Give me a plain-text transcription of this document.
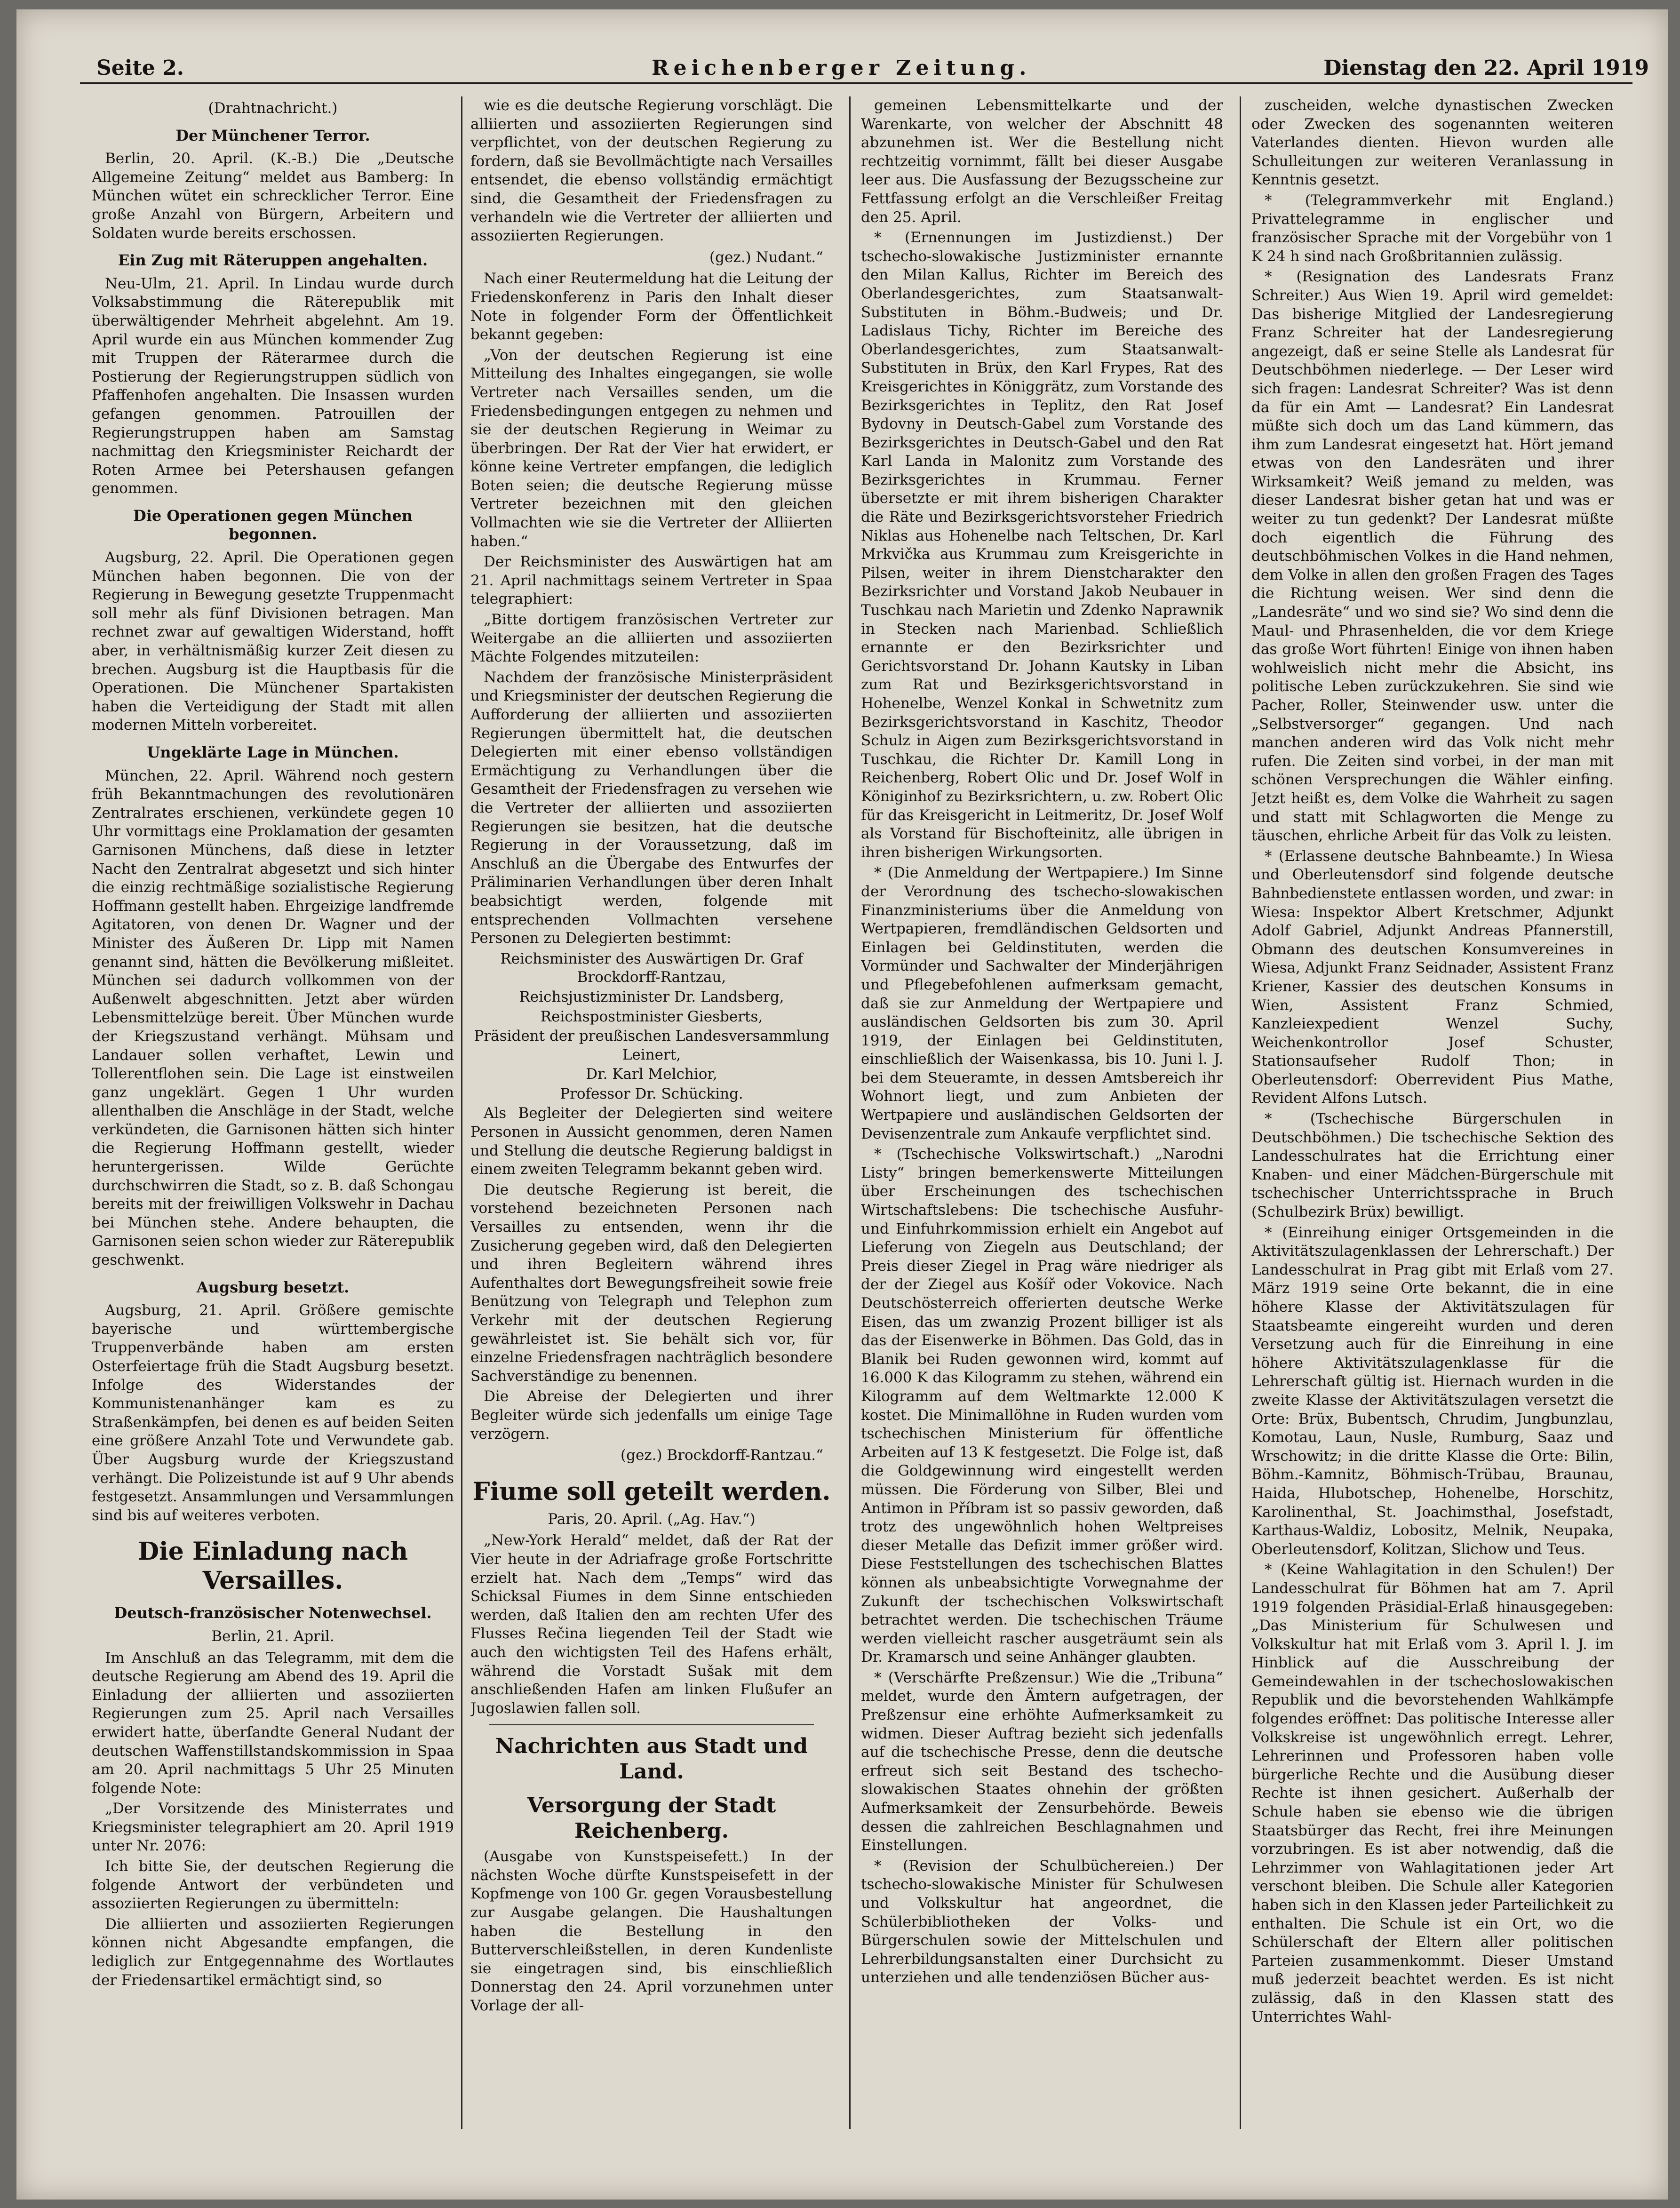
Seite 2.	Reichenberger Zeitung.	Dienstag den 22. April 1919

(Drahtnachricht.)

Der Münchener Terror.

Berlin, 20. April. (K.-B.) Die „Deutsche Allgemeine Zeitung“ meldet aus Bamberg: In München wütet ein schrecklicher Terror. Eine große Anzahl von Bürgern, Arbeitern und Soldaten wurde bereits erschossen.

Ein Zug mit Räteruppen angehalten.

Neu-Ulm, 21. April. In Lindau wurde durch Volksabstimmung die Räterepublik mit überwältigender Mehrheit abgelehnt. Am 19. April wurde ein aus München kommender Zug mit Truppen der Räterarmee durch die Postierung der Regierungstruppen südlich von Pfaffenhofen angehalten. Die Insassen wurden gefangen genommen. Patrouillen der Regierungstruppen haben am Samstag nachmittag den Kriegsminister Reichardt der Roten Armee bei Petershausen gefangen genommen.

Die Operationen gegen München begonnen.

Augsburg, 22. April. Die Operationen gegen München haben begonnen. Die von der Regierung in Bewegung gesetzte Truppenmacht soll mehr als fünf Divisionen betragen. Man rechnet zwar auf gewaltigen Widerstand, hofft aber, in verhältnismäßig kurzer Zeit diesen zu brechen. Augsburg ist die Hauptbasis für die Operationen. Die Münchener Spartakisten haben die Verteidigung der Stadt mit allen modernen Mitteln vorbereitet.

Ungeklärte Lage in München.

München, 22. April. Während noch gestern früh Bekanntmachungen des revolutionären Zentralrates erschienen, verkündete gegen 10 Uhr vormittags eine Proklamation der gesamten Garnisonen Münchens, daß diese in letzter Nacht den Zentralrat abgesetzt und sich hinter die einzig rechtmäßige sozialistische Regierung Hoffmann gestellt haben. Ehrgeizige landfremde Agitatoren, von denen Dr. Wagner und der Minister des Äußeren Dr. Lipp mit Namen genannt sind, hätten die Bevölkerung mißleitet. München sei dadurch vollkommen von der Außenwelt abgeschnitten. Jetzt aber würden Lebensmittelzüge bereit. Über München wurde der Kriegszustand verhängt. Mühsam und Landauer sollen verhaftet, Lewin und Tollerentflohen sein. Die Lage ist einstweilen ganz ungeklärt. Gegen 1 Uhr wurden allenthalben die Anschläge in der Stadt, welche verkündeten, die Garnisonen hätten sich hinter die Regierung Hoffmann gestellt, wieder heruntergerissen. Wilde Gerüchte durchschwirren die Stadt, so z. B. daß Schongau bereits mit der freiwilligen Volkswehr in Dachau bei München stehe. Andere behaupten, die Garnisonen seien schon wieder zur Räterepublik geschwenkt.

Augsburg besetzt.

Augsburg, 21. April. Größere gemischte bayerische und württembergische Truppenverbände haben am ersten Osterfeiertage früh die Stadt Augsburg besetzt. Infolge des Widerstandes der Kommunistenanhänger kam es zu Straßenkämpfen, bei denen es auf beiden Seiten eine größere Anzahl Tote und Verwundete gab. Über Augsburg wurde der Kriegszustand verhängt. Die Polizeistunde ist auf 9 Uhr abends festgesetzt. Ansammlungen und Versammlungen sind bis auf weiteres verboten.

Die Einladung nach Versailles.

Deutsch-französischer Notenwechsel.

Berlin, 21. April.

Im Anschluß an das Telegramm, mit dem die deutsche Regierung am Abend des 19. April die Einladung der alliierten und assoziierten Regierungen zum 25. April nach Versailles erwidert hatte, überſandte General Nudant der deutschen Waffenstillstandskommission in Spaa am 20. April nachmittags 5 Uhr 25 Minuten folgende Note:

„Der Vorsitzende des Ministerrates und Kriegsminister telegraphiert am 20. April 1919 unter Nr. 2076:

Ich bitte Sie, der deutschen Regierung die folgende Antwort der verbündeten und assoziierten Regierungen zu übermitteln:

Die alliierten und assoziierten Regierungen können nicht Abgesandte empfangen, die lediglich zur Entgegennahme des Wortlautes der Friedensartikel ermächtigt sind, so

wie es die deutsche Regierung vorschlägt. Die alliierten und assoziierten Regierungen sind verpflichtet, von der deutschen Regierung zu fordern, daß sie Bevollmächtigte nach Versailles entsendet, die ebenso vollständig ermächtigt sind, die Gesamtheit der Friedensfragen zu verhandeln wie die Vertreter der alliierten und assoziierten Regierungen.

(gez.) Nudant.“

Nach einer Reutermeldung hat die Leitung der Friedenskonferenz in Paris den Inhalt dieser Note in folgender Form der Öffentlichkeit bekannt gegeben:

„Von der deutschen Regierung ist eine Mitteilung des Inhaltes eingegangen, sie wolle Vertreter nach Versailles senden, um die Friedensbedingungen entgegen zu nehmen und sie der deutschen Regierung in Weimar zu überbringen. Der Rat der Vier hat erwidert, er könne keine Vertreter empfangen, die lediglich Boten seien; die deutsche Regierung müsse Vertreter bezeichnen mit den gleichen Vollmachten wie sie die Vertreter der Alliierten haben.“

Der Reichsminister des Auswärtigen hat am 21. April nachmittags seinem Vertreter in Spaa telegraphiert:

„Bitte dortigem französischen Vertreter zur Weitergabe an die alliierten und assoziierten Mächte Folgendes mitzuteilen:

Nachdem der französische Ministerpräsident und Kriegsminister der deutschen Regierung die Aufforderung der alliierten und assoziierten Regierungen übermittelt hat, die deutschen Delegierten mit einer ebenso vollständigen Ermächtigung zu Verhandlungen über die Gesamtheit der Friedensfragen zu versehen wie die Vertreter der alliierten und assoziierten Regierungen sie besitzen, hat die deutsche Regierung in der Voraussetzung, daß im Anschluß an die Übergabe des Entwurfes der Präliminarien Verhandlungen über deren Inhalt beabsichtigt werden, folgende mit entsprechenden Vollmachten versehene Personen zu Delegierten bestimmt:

Reichsminister des Auswärtigen Dr. Graf Brockdorff-Rantzau,

Reichsjustizminister Dr. Landsberg,

Reichspostminister Giesberts,

Präsident der preußischen Landesversammlung Leinert,

Dr. Karl Melchior,

Professor Dr. Schücking.

Als Begleiter der Delegierten sind weitere Personen in Aussicht genommen, deren Namen und Stellung die deutsche Regierung baldigst in einem zweiten Telegramm bekannt geben wird.

Die deutsche Regierung ist bereit, die vorstehend bezeichneten Personen nach Versailles zu entsenden, wenn ihr die Zusicherung gegeben wird, daß den Delegierten und ihren Begleitern während ihres Aufenthaltes dort Bewegungsfreiheit sowie freie Benützung von Telegraph und Telephon zum Verkehr mit der deutschen Regierung gewährleistet ist. Sie behält sich vor, für einzelne Friedensfragen nachträglich besondere Sachverständige zu benennen.

Die Abreise der Delegierten und ihrer Begleiter würde sich jedenfalls um einige Tage verzögern.

(gez.) Brockdorff-Rantzau.“

Fiume soll geteilt werden.

Paris, 20. April. („Ag. Hav.“)

„New-York Herald“ meldet, daß der Rat der Vier heute in der Adriafrage große Fortschritte erzielt hat. Nach dem „Temps“ wird das Schicksal Fiumes in dem Sinne entschieden werden, daß Italien den am rechten Ufer des Flusses Rečina liegenden Teil der Stadt wie auch den wichtigsten Teil des Hafens erhält, während die Vorstadt Sušak mit dem anschließenden Hafen am linken Flußufer an Jugoslawien fallen soll.

Nachrichten aus Stadt und Land.

Versorgung der Stadt Reichenberg.

(Ausgabe von Kunstspeisefett.) In der nächsten Woche dürfte Kunstspeisefett in der Kopfmenge von 100 Gr. gegen Vorausbestellung zur Ausgabe gelangen. Die Haushaltungen haben die Bestellung in den Butterverschleißstellen, in deren Kundenliste sie eingetragen sind, bis einschließlich Donnerstag den 24. April vorzunehmen unter Vorlage der all-

gemeinen Lebensmittelkarte und der Warenkarte, von welcher der Abschnitt 48 abzunehmen ist. Wer die Bestellung nicht rechtzeitig vornimmt, fällt bei dieser Ausgabe leer aus. Die Ausfassung der Bezugsscheine zur Fettfassung erfolgt an die Verschleißer Freitag den 25. April.

* (Ernennungen im Justizdienst.) Der tschecho-slowakische Justizminister ernannte den Milan Kallus, Richter im Bereich des Oberlandesgerichtes, zum Staatsanwalt-Substituten in Böhm.-Budweis; und Dr. Ladislaus Tichy, Richter im Bereiche des Oberlandesgerichtes, zum Staatsanwalt-Substituten in Brüx, den Karl Frypes, Rat des Kreisgerichtes in Königgrätz, zum Vorstande des Bezirksgerichtes in Teplitz, den Rat Josef Bydovny in Deutsch-Gabel zum Vorstande des Bezirksgerichtes in Deutsch-Gabel und den Rat Karl Landa in Malonitz zum Vorstande des Bezirksgerichtes in Krummau. Ferner übersetzte er mit ihrem bisherigen Charakter die Räte und Bezirksgerichtsvorsteher Friedrich Niklas aus Hohenelbe nach Teltschen, Dr. Karl Mrkvička aus Krummau zum Kreisgerichte in Pilsen, weiter in ihrem Dienstcharakter den Bezirksrichter und Vorstand Jakob Neubauer in Tuschkau nach Marietin und Zdenko Naprawnik in Stecken nach Marienbad. Schließlich ernannte er den Bezirksrichter und Gerichtsvorstand Dr. Johann Kautsky in Liban zum Rat und Bezirksgerichtsvorstand in Hohenelbe, Wenzel Konkal in Schwetnitz zum Bezirksgerichtsvorstand in Kaschitz, Theodor Schulz in Aigen zum Bezirksgerichtsvorstand in Tuschkau, die Richter Dr. Kamill Long in Reichenberg, Robert Olic und Dr. Josef Wolf in Königinhof zu Bezirksrichtern, u. zw. Robert Olic für das Kreisgericht in Leitmeritz, Dr. Josef Wolf als Vorstand für Bischofteinitz, alle übrigen in ihren bisherigen Wirkungsorten.

* (Die Anmeldung der Wertpapiere.) Im Sinne der Verordnung des tschecho-slowakischen Finanzministeriums über die Anmeldung von Wertpapieren, fremdländischen Geldsorten und Einlagen bei Geldinstituten, werden die Vormünder und Sachwalter der Minderjährigen und Pflegebefohlenen aufmerksam gemacht, daß sie zur Anmeldung der Wertpapiere und ausländischen Geldsorten bis zum 30. April 1919, der Einlagen bei Geldinstituten, einschließlich der Waisenkassa, bis 10. Juni l. J. bei dem Steueramte, in dessen Amtsbereich ihr Wohnort liegt, und zum Anbieten der Wertpapiere und ausländischen Geldsorten der Devisenzentrale zum Ankaufe verpflichtet sind.

* (Tschechische Volkswirtschaft.) „Narodni Listy“ bringen bemerkenswerte Mitteilungen über Erscheinungen des tschechischen Wirtschaftslebens: Die tschechische Ausfuhr- und Einfuhrkommission erhielt ein Angebot auf Lieferung von Ziegeln aus Deutschland; der Preis dieser Ziegel in Prag wäre niedriger als der der Ziegel aus Košíř oder Vokovice. Nach Deutschösterreich offerierten deutsche Werke Eisen, das um zwanzig Prozent billiger ist als das der Eisenwerke in Böhmen. Das Gold, das in Blanik bei Ruden gewonnen wird, kommt auf 16.000 K das Kilogramm zu stehen, während ein Kilogramm auf dem Weltmarkte 12.000 K kostet. Die Minimallöhne in Ruden wurden vom tschechischen Ministerium für öffentliche Arbeiten auf 13 K festgesetzt. Die Folge ist, daß die Goldgewinnung wird eingestellt werden müssen. Die Förderung von Silber, Blei und Antimon in Příbram ist so passiv geworden, daß trotz des ungewöhnlich hohen Weltpreises dieser Metalle das Defizit immer größer wird. Diese Feststellungen des tschechischen Blattes können als unbeabsichtigte Vorwegnahme der Zukunft der tschechischen Volkswirtschaft betrachtet werden. Die tschechischen Träume werden vielleicht rascher ausgeträumt sein als Dr. Kramarsch und seine Anhänger glaubten.

* (Verschärfte Preßzensur.) Wie die „Tribuna“ meldet, wurde den Ämtern aufgetragen, der Preßzensur eine erhöhte Aufmerksamkeit zu widmen. Dieser Auftrag bezieht sich jedenfalls auf die tschechische Presse, denn die deutsche erfreut sich seit Bestand des tschecho-slowakischen Staates ohnehin der größten Aufmerksamkeit der Zensurbehörde. Beweis dessen die zahlreichen Beschlagnahmen und Einstellungen.

* (Revision der Schulbüchereien.) Der tschecho-slowakische Minister für Schulwesen und Volkskultur hat angeordnet, die Schülerbibliotheken der Volks- und Bürgerschulen sowie der Mittelschulen und Lehrerbildungsanstalten einer Durchsicht zu unterziehen und alle tendenziösen Bücher aus-

zuscheiden, welche dynastischen Zwecken oder Zwecken des sogenannten weiteren Vaterlandes dienten. Hievon wurden alle Schulleitungen zur weiteren Veranlassung in Kenntnis gesetzt.

* (Telegrammverkehr mit England.) Privattelegramme in englischer und französischer Sprache mit der Vorgebühr von 1 K 24 h sind nach Großbritannien zulässig.

* (Resignation des Landesrats Franz Schreiter.) Aus Wien 19. April wird gemeldet: Das bisherige Mitglied der Landesregierung Franz Schreiter hat der Landesregierung angezeigt, daß er seine Stelle als Landesrat für Deutschböhmen niederlege. — Der Leser wird sich fragen: Landesrat Schreiter? Was ist denn da für ein Amt — Landesrat? Ein Landesrat müßte sich doch um das Land kümmern, das ihm zum Landesrat eingesetzt hat. Hört jemand etwas von den Landesräten und ihrer Wirksamkeit? Weiß jemand zu melden, was dieser Landesrat bisher getan hat und was er weiter zu tun gedenkt? Der Landesrat müßte doch eigentlich die Führung des deutschböhmischen Volkes in die Hand nehmen, dem Volke in allen den großen Fragen des Tages die Richtung weisen. Wer sind denn die „Landesräte“ und wo sind sie? Wo sind denn die Maul- und Phrasenhelden, die vor dem Kriege das große Wort führten! Einige von ihnen haben wohlweislich nicht mehr die Absicht, ins politische Leben zurückzukehren. Sie sind wie Pacher, Roller, Steinwender usw. unter die „Selbstversorger“ gegangen. Und nach manchen anderen wird das Volk nicht mehr rufen. Die Zeiten sind vorbei, in der man mit schönen Versprechungen die Wähler einfing. Jetzt heißt es, dem Volke die Wahrheit zu sagen und statt mit Schlagworten die Menge zu täuschen, ehrliche Arbeit für das Volk zu leisten.

* (Erlassene deutsche Bahnbeamte.) In Wiesa und Oberleutensdorf sind folgende deutsche Bahnbedienstete entlassen worden, und zwar: in Wiesa: Inspektor Albert Kretschmer, Adjunkt Adolf Gabriel, Adjunkt Andreas Pfannerstill, Obmann des deutschen Konsumvereines in Wiesa, Adjunkt Franz Seidnader, Assistent Franz Kriener, Kassier des deutschen Konsums in Wien, Assistent Franz Schmied, Kanzleiexpedient Wenzel Suchy, Weichenkontrollor Josef Schuster, Stationsaufseher Rudolf Thon; in Oberleutensdorf: Oberrevident Pius Mathe, Revident Alfons Lutsch.

* (Tschechische Bürgerschulen in Deutschböhmen.) Die tschechische Sektion des Landesschulrates hat die Errichtung einer Knaben- und einer Mädchen-Bürgerschule mit tschechischer Unterrichtssprache in Bruch (Schulbezirk Brüx) bewilligt.

* (Einreihung einiger Ortsgemeinden in die Aktivitätszulagenklassen der Lehrerschaft.) Der Landesschulrat in Prag gibt mit Erlaß vom 27. März 1919 seine Orte bekannt, die in eine höhere Klasse der Aktivitätszulagen für Staatsbeamte eingereiht wurden und deren Versetzung auch für die Einreihung in eine höhere Aktivitätszulagenklasse für die Lehrerschaft gültig ist. Hiernach wurden in die zweite Klasse der Aktivitätszulagen versetzt die Orte: Brüx, Bubentsch, Chrudim, Jungbunzlau, Komotau, Laun, Nusle, Rumburg, Saaz und Wrschowitz; in die dritte Klasse die Orte: Bilin, Böhm.-Kamnitz, Böhmisch-Trübau, Braunau, Haida, Hlubotschep, Hohenelbe, Horschitz, Karolinenthal, St. Joachimsthal, Josefstadt, Karthaus-Waldiz, Lobositz, Melnik, Neupaka, Oberleutensdorf, Kolitzan, Slichow und Teus.

* (Keine Wahlagitation in den Schulen!) Der Landesschulrat für Böhmen hat am 7. April 1919 folgenden Präsidial-Erlaß hinausgegeben: „Das Ministerium für Schulwesen und Volkskultur hat mit Erlaß vom 3. April l. J. im Hinblick auf die Ausschreibung der Gemeindewahlen in der tschechoslowakischen Republik und die bevorstehenden Wahlkämpfe folgendes eröffnet: Das politische Interesse aller Volkskreise ist ungewöhnlich erregt. Lehrer, Lehrerinnen und Professoren haben volle bürgerliche Rechte und die Ausübung dieser Rechte ist ihnen gesichert. Außerhalb der Schule haben sie ebenso wie die übrigen Staatsbürger das Recht, frei ihre Meinungen vorzubringen. Es ist aber notwendig, daß die Lehrzimmer von Wahlagitationen jeder Art verschont bleiben. Die Schule aller Kategorien haben sich in den Klassen jeder Parteilichkeit zu enthalten. Die Schule ist ein Ort, wo die Schülerschaft der Eltern aller politischen Parteien zusammenkommt. Dieser Umstand muß jederzeit beachtet werden. Es ist nicht zulässig, daß in den Klassen statt des Unterrichtes Wahl-
